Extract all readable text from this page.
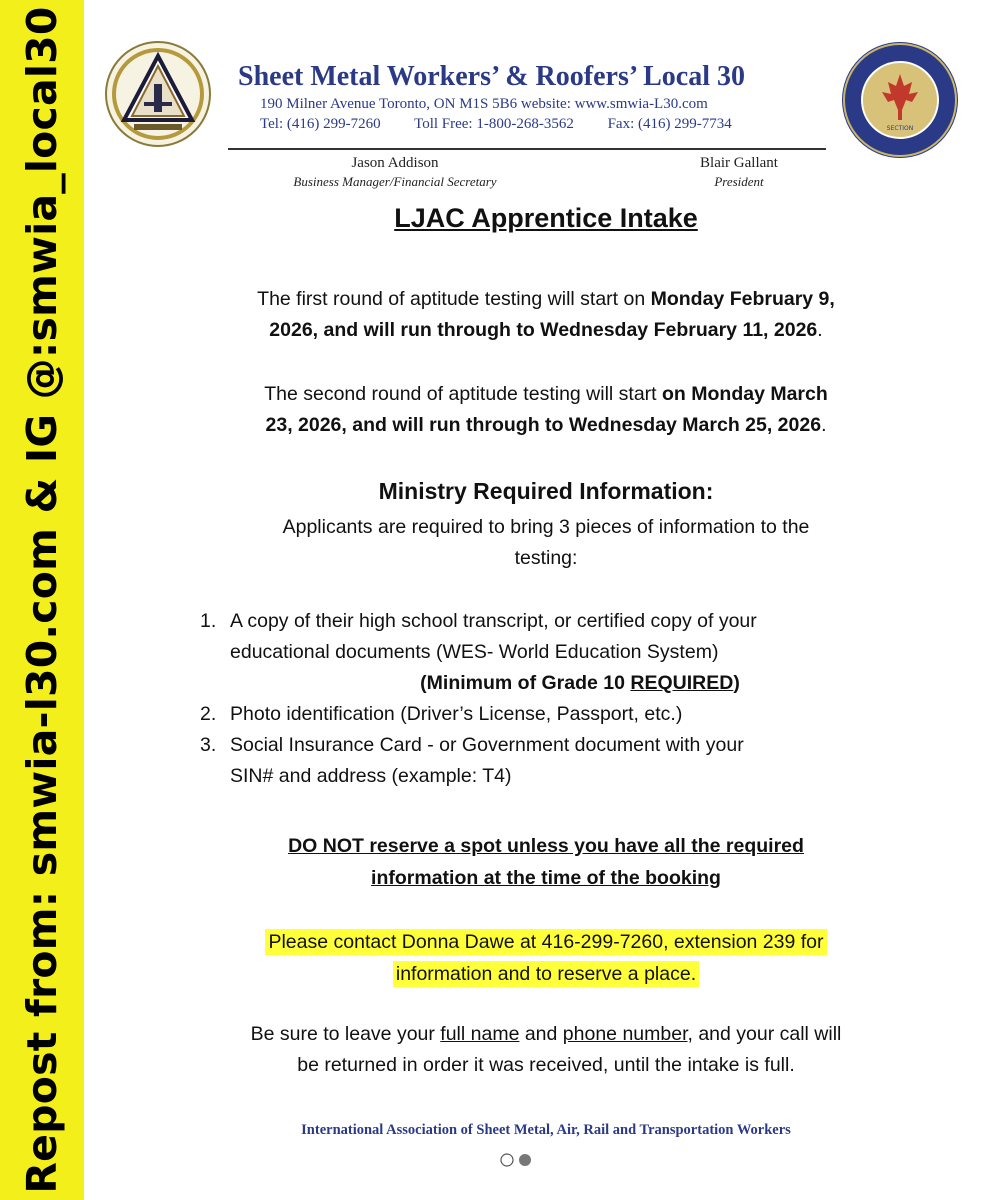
Repost from: smwia-l30.com & IG @:smwia_local30	SECTION
Sheet Metal Workers’ & Roofers’ Local 30
190 Milner Avenue Toronto, ON M1S 5B6 website: www.smwia-L30.com
Tel: (416) 299-7260 Toll Free: 1-800-268-3562 Fax: (416) 299-7734
Jason Addison
Business Manager/Financial Secretary
Blair Gallant
President
LJAC Apprentice Intake
The first round of aptitude testing will start on Monday February 9,
2026, and will run through to Wednesday February 11, 2026.
The second round of aptitude testing will start on Monday March
23, 2026, and will run through to Wednesday March 25, 2026.
Ministry Required Information:
Applicants are required to bring 3 pieces of information to the
testing:
1. A copy of their high school transcript, or certified copy of your
educational documents (WES- World Education System)
(Minimum of Grade 10 REQUIRED)
2. Photo identification (Driver’s License, Passport, etc.)
3. Social Insurance Card - or Government document with your
SIN# and address (example: T4)
DO NOT reserve a spot unless you have all the required
information at the time of the booking
Please contact Donna Dawe at 416-299-7260, extension 239 for
information and to reserve a place.
Be sure to leave your full name and phone number, and your call will
be returned in order it was received, until the intake is full.
International Association of Sheet Metal, Air, Rail and Transportation Workers
